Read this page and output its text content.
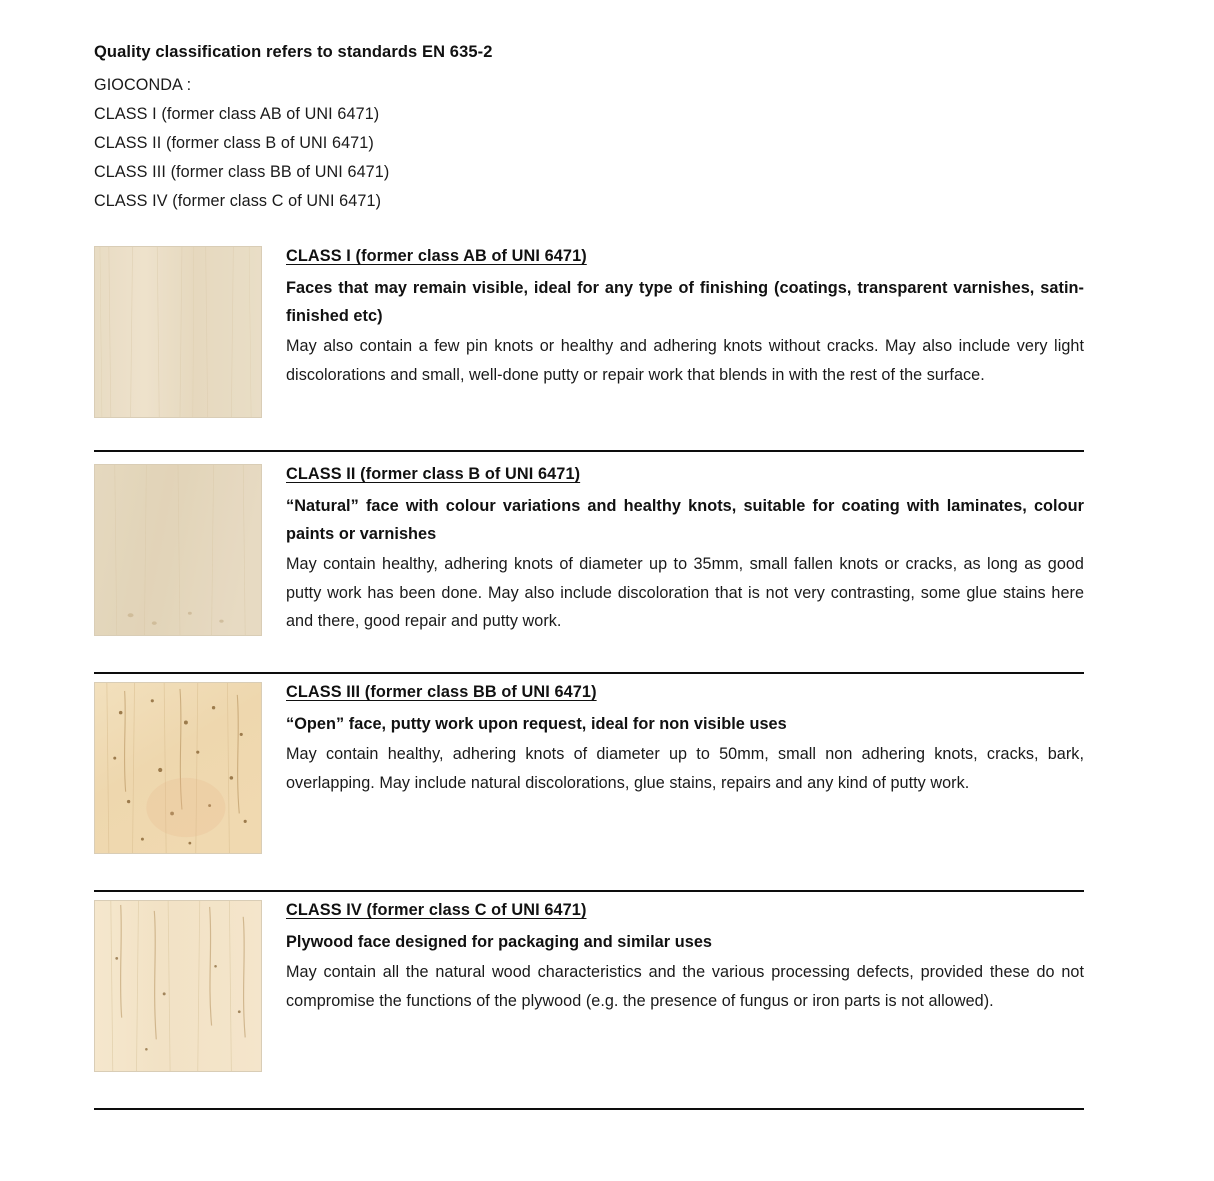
Quality classification refers to standards EN 635-2
GIOCONDA :
CLASS I (former class AB of UNI 6471)
CLASS II (former class B of UNI 6471)
CLASS III (former class BB of UNI 6471)
CLASS IV (former class C of UNI 6471)
CLASS I (former class AB of UNI 6471)
Faces that may remain visible, ideal for any type of finishing (coatings, transparent varnishes, satin-finished etc)
May also contain a few pin knots or healthy and adhering knots without cracks. May also include very light discolorations and small, well-done putty or repair work that blends in with the rest of the surface.
CLASS II (former class B of UNI 6471)
“Natural” face with colour variations and healthy knots, suitable for coating with laminates, colour paints or varnishes
May contain healthy, adhering knots of diameter up to 35mm, small fallen knots or cracks, as long as good putty work has been done. May also include discoloration that is not very contrasting, some glue stains here and there, good repair and putty work.
CLASS III (former class BB of UNI 6471)
“Open” face, putty work upon request, ideal for non visible uses
May contain healthy, adhering knots of diameter up to 50mm, small non adhering knots, cracks, bark, overlapping. May include natural discolorations, glue stains, repairs and any kind of putty work.
CLASS IV (former class C of UNI 6471)
Plywood face designed for packaging and similar uses
May contain all the natural wood characteristics and the various processing defects, provided these do not compromise the functions of the plywood (e.g. the presence of fungus or iron parts is not allowed).
